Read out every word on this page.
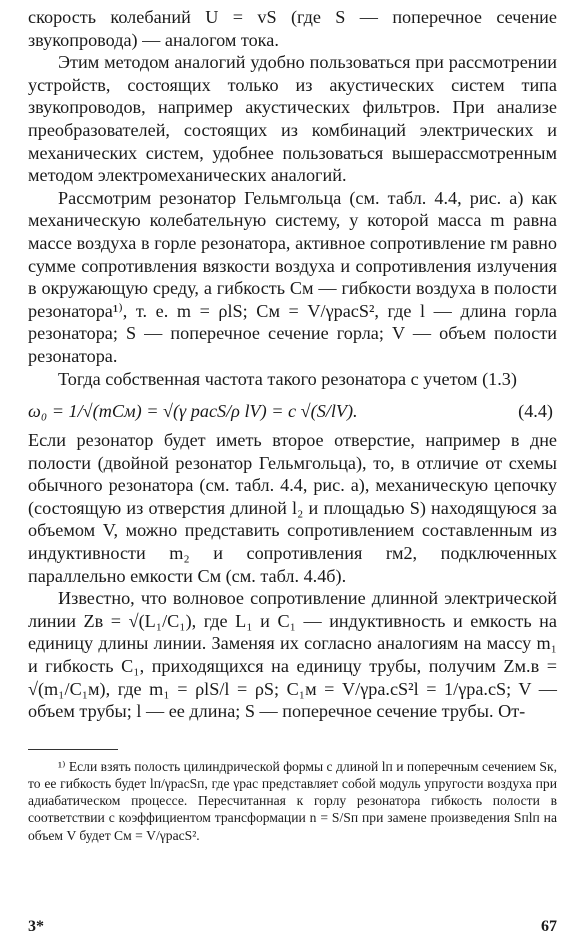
скорость колебаний U = vS (где S — поперечное сечение звукопровода) — аналогом тока.

Этим методом аналогий удобно пользоваться при рассмотрении устройств, состоящих только из акустических систем типа звукопроводов, например акустических фильтров. При анализе преобразователей, состоящих из комбинаций электрических и механических систем, удобнее пользоваться вышерассмотренным методом электромеханических аналогий.

Рассмотрим резонатор Гельмгольца (см. табл. 4.4, рис. а) как механическую колебательную систему, у которой масса m равна массе воздуха в горле резонатора, активное сопротивление rм равно сумме сопротивления вязкости воздуха и сопротивления излучения в окружающую среду, а гибкость Cм — гибкости воздуха в полости резонатора¹⁾, т. е. m = ρlS; Cм = V/γpacS², где l — длина горла резонатора; S — поперечное сечение горла; V — объем полости резонатора.

Тогда собственная частота такого резонатора с учетом (1.3)

ω₀ = 1/√(mCм) = √(γ pacS/ρ lV) = c √(S/lV).	(4.4)

Если резонатор будет иметь второе отверстие, например в дне полости (двойной резонатор Гельмгольца), то, в отличие от схемы обычного резонатора (см. табл. 4.4, рис. а), механическую цепочку (состоящую из отверстия длиной l₂ и площадью S) находящуюся за объемом V, можно представить сопротивлением составленным из индуктивности m₂ и сопротивления rм2, подключенных параллельно емкости Cм (см. табл. 4.4б).

Известно, что волновое сопротивление длинной электрической линии Zв = √(L₁/C₁), где L₁ и C₁ — индуктивность и емкость на единицу длины линии. Заменяя их согласно аналогиям на массу m₁ и гибкость C₁, приходящихся на единицу трубы, получим Zм.в = √(m₁/C₁м), где m₁ = ρlS/l = ρS; C₁м = V/γpa.cS²l = 1/γpa.cS; V — объем трубы; l — ее длина; S — поперечное сечение трубы. От-

¹⁾ Если взять полость цилиндрической формы с длиной lп и поперечным сечением Sк, то ее гибкость будет lп/γpacSп, где γpac представляет собой модуль упругости воздуха при адиабатическом процессе. Пересчитанная к горлу резонатора гибкость полости в соответствии с коэффициентом трансформации n = S/Sп при замене произведения Sпlп на объем V будет Cм = V/γpacS².

3*	67
